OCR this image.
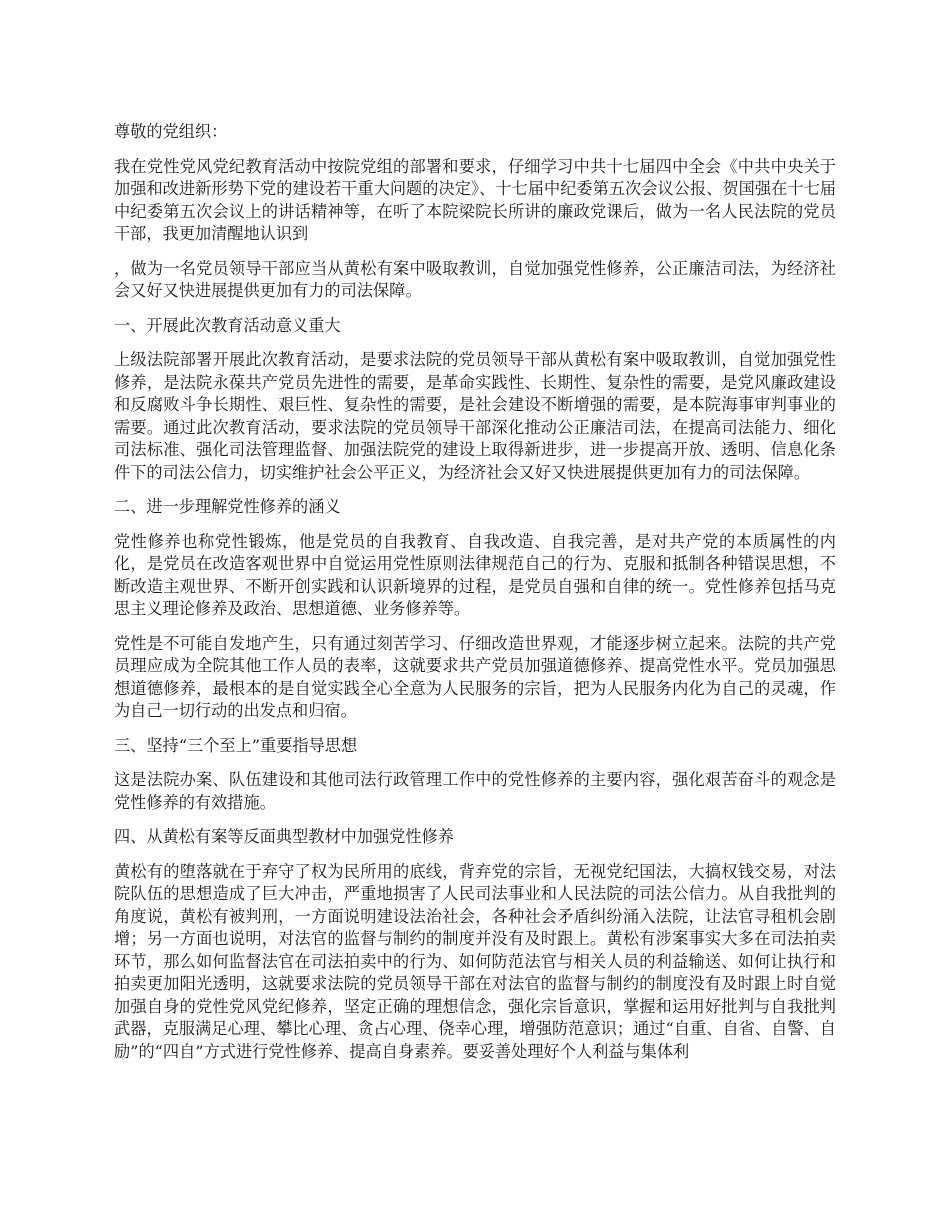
尊敬的党组织：

我在党性党风党纪教育活动中按院党组的部署和要求，仔细学习中共十七届四中全会《中共中央关于加强和改进新形势下党的建设若干重大问题的决定》、十七届中纪委第五次会议公报、贺国强在十七届中纪委第五次会议上的讲话精神等，在听了本院梁院长所讲的廉政党课后，做为一名人民法院的党员干部，我更加清醒地认识到

，做为一名党员领导干部应当从黄松有案中吸取教训，自觉加强党性修养，公正廉洁司法，为经济社会又好又快进展提供更加有力的司法保障。

一、开展此次教育活动意义重大

上级法院部署开展此次教育活动，是要求法院的党员领导干部从黄松有案中吸取教训，自觉加强党性修养，是法院永葆共产党员先进性的需要，是革命实践性、长期性、复杂性的需要，是党风廉政建设和反腐败斗争长期性、艰巨性、复杂性的需要，是社会建设不断增强的需要，是本院海事审判事业的需要。通过此次教育活动，要求法院的党员领导干部深化推动公正廉洁司法，在提高司法能力、细化司法标准、强化司法管理监督、加强法院党的建设上取得新进步，进一步提高开放、透明、信息化条件下的司法公信力，切实维护社会公平正义，为经济社会又好又快进展提供更加有力的司法保障。

二、进一步理解党性修养的涵义

党性修养也称党性锻炼，他是党员的自我教育、自我改造、自我完善，是对共产党的本质属性的内化，是党员在改造客观世界中自觉运用党性原则法律规范自己的行为、克服和抵制各种错误思想，不断改造主观世界、不断开创实践和认识新境界的过程，是党员自强和自律的统一。党性修养包括马克思主义理论修养及政治、思想道德、业务修养等。

党性是不可能自发地产生，只有通过刻苦学习、仔细改造世界观，才能逐步树立起来。法院的共产党员理应成为全院其他工作人员的表率，这就要求共产党员加强道德修养、提高党性水平。党员加强思想道德修养，最根本的是自觉实践全心全意为人民服务的宗旨，把为人民服务内化为自己的灵魂，作为自己一切行动的出发点和归宿。

三、坚持“三个至上”重要指导思想

这是法院办案、队伍建设和其他司法行政管理工作中的党性修养的主要内容，强化艰苦奋斗的观念是党性修养的有效措施。

四、从黄松有案等反面典型教材中加强党性修养

黄松有的堕落就在于弃守了权为民所用的底线，背弃党的宗旨，无视党纪国法，大搞权钱交易，对法院队伍的思想造成了巨大冲击，严重地损害了人民司法事业和人民法院的司法公信力。从自我批判的角度说，黄松有被判刑，一方面说明建设法治社会，各种社会矛盾纠纷涌入法院，让法官寻租机会剧增；另一方面也说明，对法官的监督与制约的制度并没有及时跟上。黄松有涉案事实大多在司法拍卖环节，那么如何监督法官在司法拍卖中的行为、如何防范法官与相关人员的利益输送、如何让执行和拍卖更加阳光透明，这就要求法院的党员领导干部在对法官的监督与制约的制度没有及时跟上时自觉加强自身的党性党风党纪修养，坚定正确的理想信念，强化宗旨意识，掌握和运用好批判与自我批判武器，克服满足心理、攀比心理、贪占心理、侥幸心理，增强防范意识；通过“自重、自省、自警、自励”的“四自”方式进行党性修养、提高自身素养。要妥善处理好个人利益与集体利
